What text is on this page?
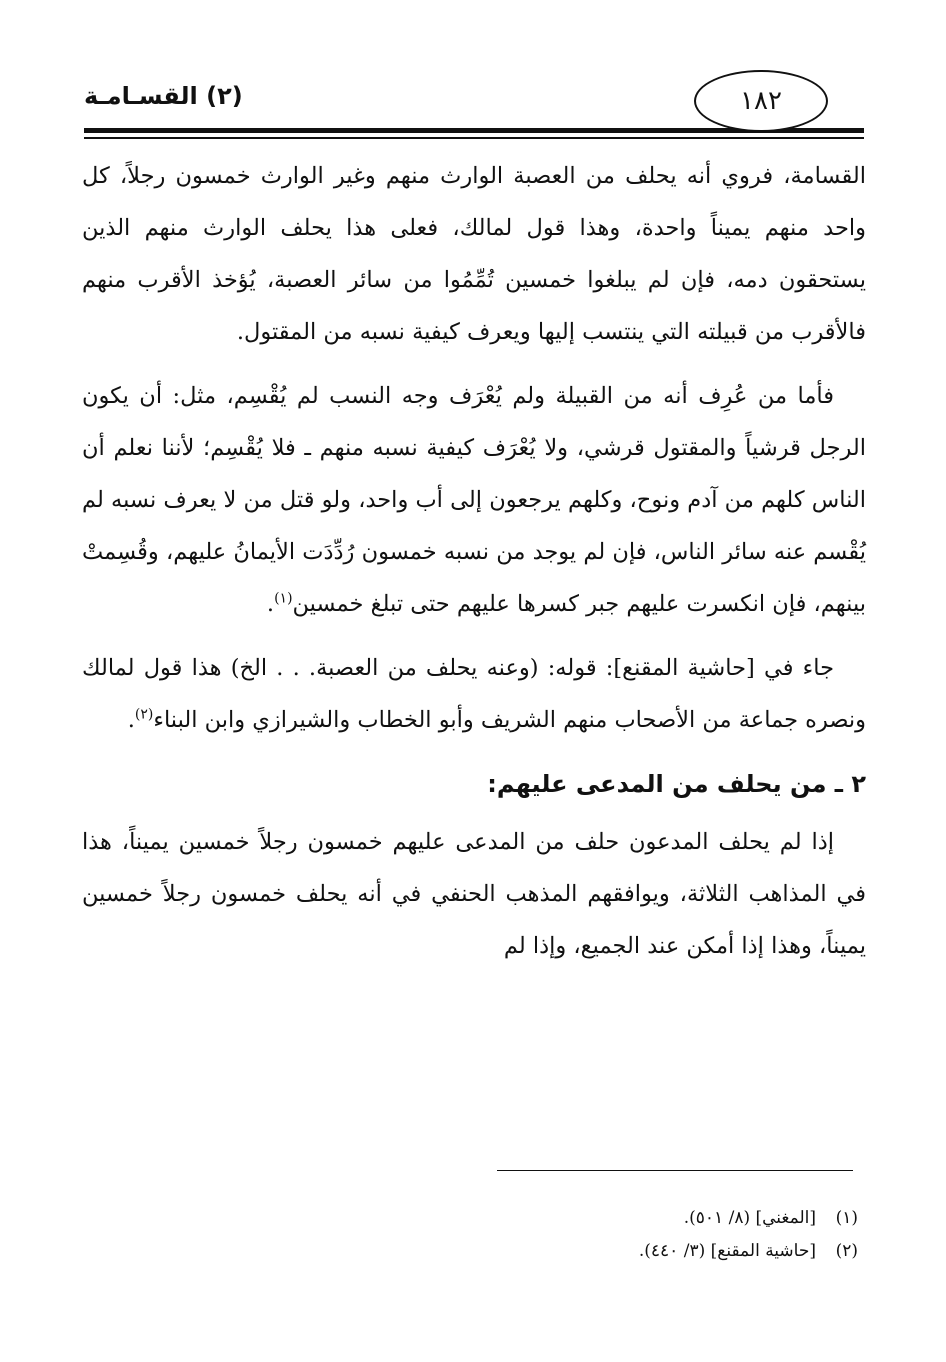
(٢) القسـامـة	١٨٢

القسامة، فروي أنه يحلف من العصبة الوارث منهم وغير الوارث خمسون رجلاً، كل واحد منهم يميناً واحدة، وهذا قول لمالك، فعلى هذا يحلف الوارث منهم الذين يستحقون دمه، فإن لم يبلغوا خمسين تُمِّمُوا من سائر العصبة، يُؤخذ الأقرب منهم فالأقرب من قبيلته التي ينتسب إليها ويعرف كيفية نسبه من المقتول.

فأما من عُرِف أنه من القبيلة ولم يُعْرَف وجه النسب لم يُقْسِم، مثل: أن يكون الرجل قرشياً والمقتول قرشي، ولا يُعْرَف كيفية نسبه منهم ـ فلا يُقْسِم؛ لأننا نعلم أن الناس كلهم من آدم ونوح، وكلهم يرجعون إلى أب واحد، ولو قتل من لا يعرف نسبه لم يُقْسم عنه سائر الناس، فإن لم يوجد من نسبه خمسون رُدِّدَت الأيمانُ عليهم، وقُسِمتْ بينهم، فإن انكسرت عليهم جبر كسرها عليهم حتى تبلغ خمسين$^{(١)}$.

جاء في [حاشية المقنع]: قوله: (وعنه يحلف من العصبة. . . الخ) هذا قول لمالك ونصره جماعة من الأصحاب منهم الشريف وأبو الخطاب والشيرازي وابن البناء$^{(٢)}$.

٢ ـ من يحلف من المدعى عليهم:

إذا لم يحلف المدعون حلف من المدعى عليهم خمسون رجلاً خمسين يميناً، هذا في المذاهب الثلاثة، ويوافقهم المذهب الحنفي في أنه يحلف خمسون رجلاً خمسين يميناً، وهذا إذا أمكن عند الجميع، وإذا لم

(١)
[المغني] (٨/ ٥٠١).
(٢)
[حاشية المقنع] (٣/ ٤٤٠).
